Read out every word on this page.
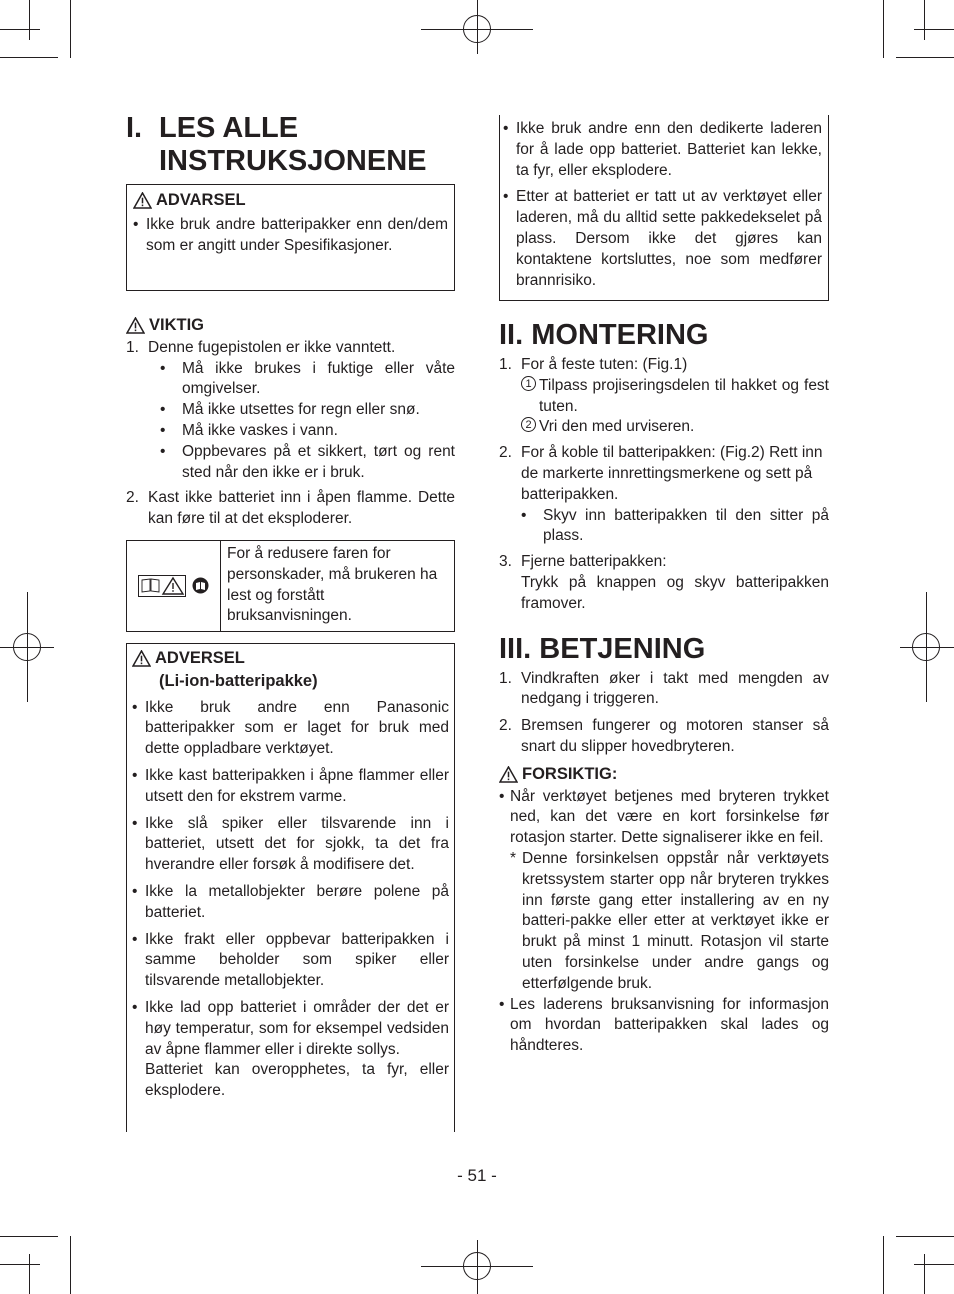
I. LES ALLE
INSTRUKSJONENE
ADVARSEL
• Ikke bruk andre batteripakker enn den/dem som er angitt under Spesifikasjoner.
VIKTIG
1. Denne fugepistolen er ikke vanntett.
•	Må ikke brukes i fuktige eller våte omgivelser.
•	Må ikke utsettes for regn eller snø.
•	Må ikke vaskes i vann.
•	Oppbevares på et sikkert, tørt og rent sted når den ikke er i bruk.
2. Kast ikke batteriet inn i åpen flamme. Dette kan føre til at det eksploderer.
For å redusere faren for personskader, må brukeren ha lest og forstått bruksanvisningen.
ADVERSEL
(Li-ion-batteripakke)
• Ikke bruk andre enn Panasonic batteripakker som er laget for bruk med dette oppladbare verktøyet.
• Ikke kast batteripakken i åpne flammer eller utsett den for ekstrem varme.
• Ikke slå spiker eller tilsvarende inn i batteriet, utsett det for sjokk, ta det fra hverandre eller forsøk å modifisere det.
• Ikke la metallobjekter berøre polene på batteriet.
• Ikke frakt eller oppbevar batteripakken i samme beholder som spiker eller tilsvarende metallobjekter.
• Ikke lad opp batteriet i områder der det er høy temperatur, som for eksempel vedsiden av åpne flammer eller i direkte sollys.
Batteriet kan overopphetes, ta fyr, eller eksplodere.
• Ikke bruk andre enn den dedikerte laderen for å lade opp batteriet. Batteriet kan lekke, ta fyr, eller eksplodere.
• Etter at batteriet er tatt ut av verktøyet eller laderen, må du alltid sette pakkedekselet på plass. Dersom ikke det gjøres kan kontaktene kortsluttes, noe som medfører brannrisiko.
II. MONTERING
1. For å feste tuten: (Fig.1)
1 Tilpass projiseringsdelen til hakket og fest tuten.
2 Vri den med urviseren.
2. For å koble til batteripakken: (Fig.2) Rett inn de markerte innrettingsmerkene og sett på batteripakken.
•	Skyv inn batteripakken til den sitter på plass.
3. Fjerne batteripakken:
Trykk på knappen og skyv batteripakken framover.
III. BETJENING
1. Vindkraften øker i takt med mengden av nedgang i triggeren.
2. Bremsen fungerer og motoren stanser så snart du slipper hovedbryteren.
FORSIKTIG:
• Når verktøyet betjenes med bryteren trykket ned, kan det være en kort forsinkelse før rotasjon starter. Dette signaliserer ikke en feil.
* Denne forsinkelsen oppstår når verktøyets kretssystem starter opp når bryteren trykkes inn første gang etter installering av en ny batteri-pakke eller etter at verktøyet ikke er brukt på minst 1 minutt. Rotasjon vil starte uten forsinkelse under andre gangs og etterfølgende bruk.
• Les laderens bruksanvisning for informasjon om hvordan batteripakken skal lades og håndteres.
- 51 -
